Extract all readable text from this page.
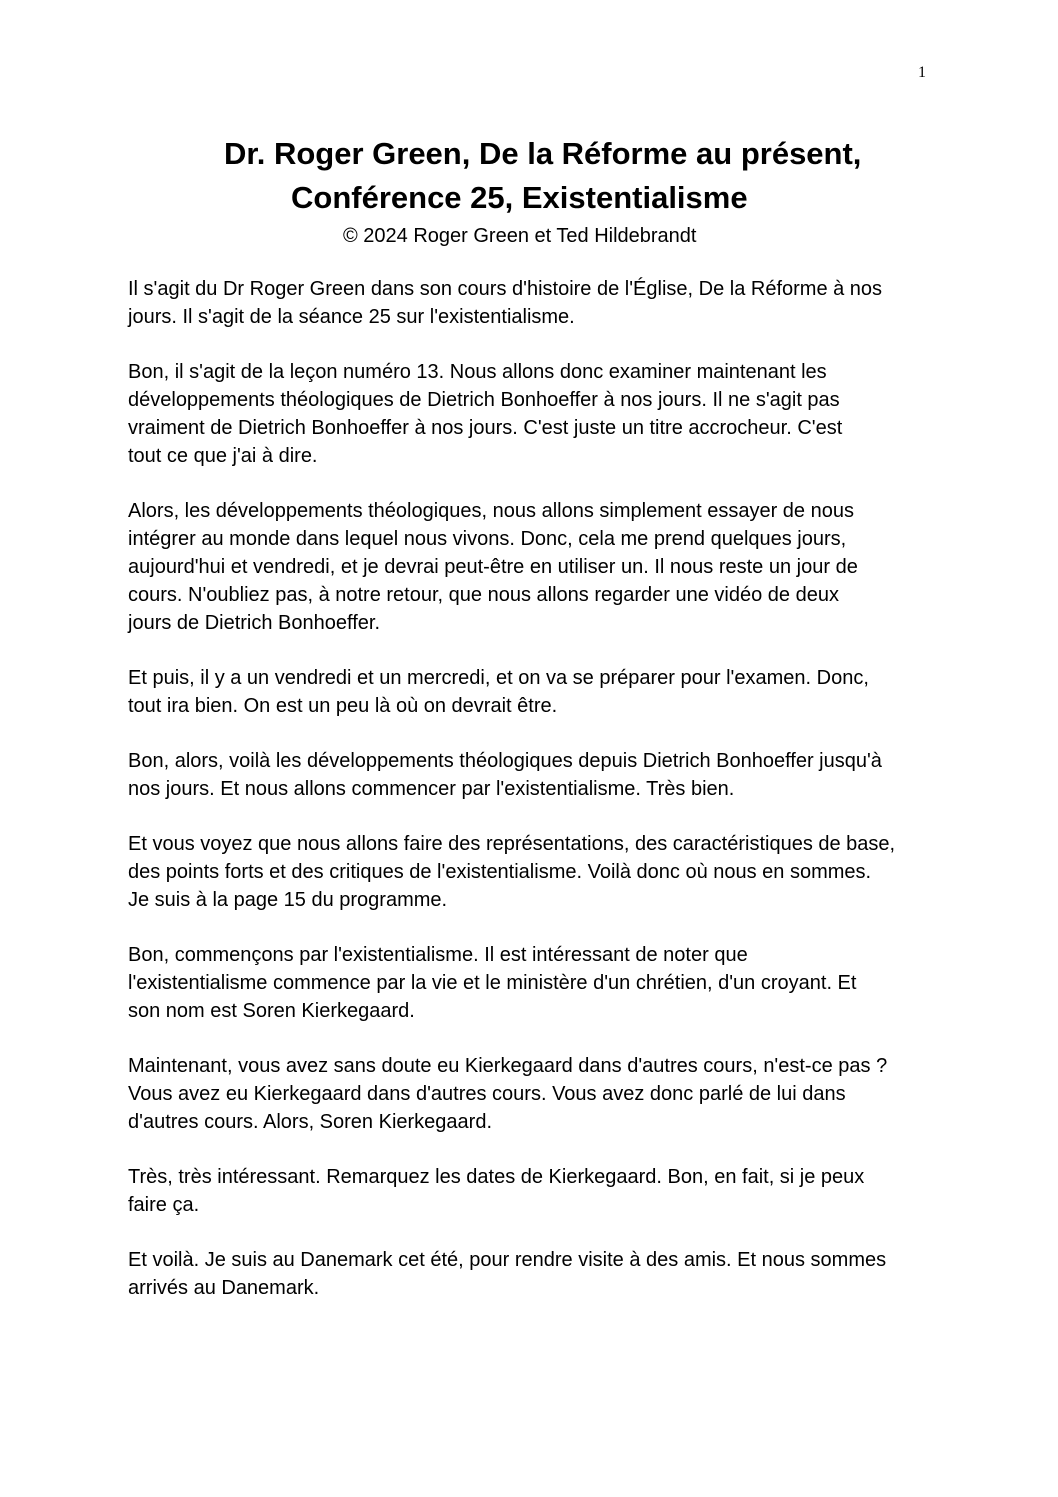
1
Dr. Roger Green, De la Réforme au présent,
Conférence 25, Existentialisme
© 2024 Roger Green et Ted Hildebrandt

Il s'agit du Dr Roger Green dans son cours d'histoire de l'Église, De la Réforme à nos
jours. Il s'agit de la séance 25 sur l'existentialisme.

Bon, il s'agit de la leçon numéro 13. Nous allons donc examiner maintenant les
développements théologiques de Dietrich Bonhoeffer à nos jours. Il ne s'agit pas
vraiment de Dietrich Bonhoeffer à nos jours. C'est juste un titre accrocheur. C'est
tout ce que j'ai à dire.

Alors, les développements théologiques, nous allons simplement essayer de nous
intégrer au monde dans lequel nous vivons. Donc, cela me prend quelques jours,
aujourd'hui et vendredi, et je devrai peut-être en utiliser un. Il nous reste un jour de
cours. N'oubliez pas, à notre retour, que nous allons regarder une vidéo de deux
jours de Dietrich Bonhoeffer.

Et puis, il y a un vendredi et un mercredi, et on va se préparer pour l'examen. Donc,
tout ira bien. On est un peu là où on devrait être.

Bon, alors, voilà les développements théologiques depuis Dietrich Bonhoeffer jusqu'à
nos jours. Et nous allons commencer par l'existentialisme. Très bien.

Et vous voyez que nous allons faire des représentations, des caractéristiques de base,
des points forts et des critiques de l'existentialisme. Voilà donc où nous en sommes.
Je suis à la page 15 du programme.

Bon, commençons par l'existentialisme. Il est intéressant de noter que
l'existentialisme commence par la vie et le ministère d'un chrétien, d'un croyant. Et
son nom est Soren Kierkegaard.

Maintenant, vous avez sans doute eu Kierkegaard dans d'autres cours, n'est-ce pas ?
Vous avez eu Kierkegaard dans d'autres cours. Vous avez donc parlé de lui dans
d'autres cours. Alors, Soren Kierkegaard.

Très, très intéressant. Remarquez les dates de Kierkegaard. Bon, en fait, si je peux
faire ça.

Et voilà. Je suis au Danemark cet été, pour rendre visite à des amis. Et nous sommes
arrivés au Danemark.
